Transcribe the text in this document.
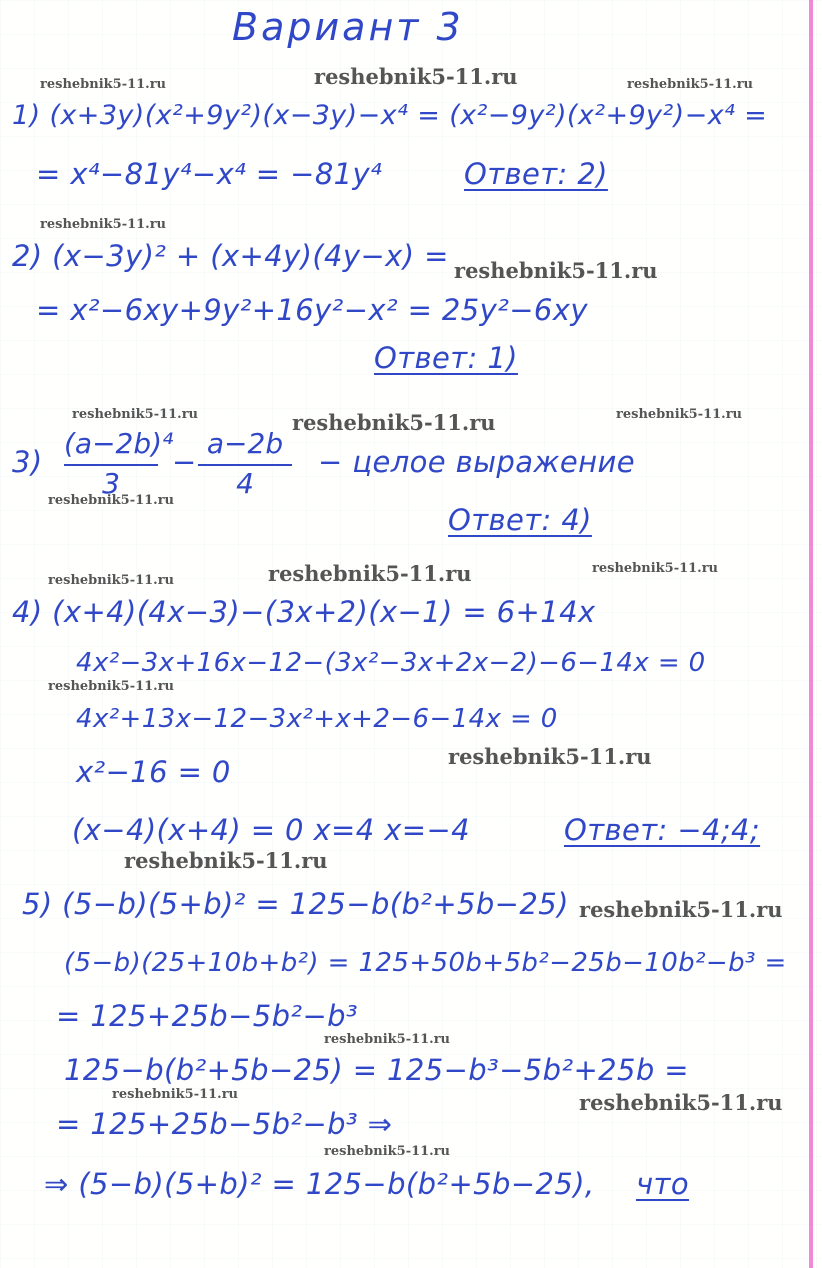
Вариант 3
reshebnik5-11.ru	reshebnik5-11.ru	reshebnik5-11.ru
1) (x+3y)(x²+9y²)(x−3y)−x⁴ = (x²−9y²)(x²+9y²)−x⁴ =
= x⁴−81y⁴−x⁴ = −81y⁴	Ответ: 2)
reshebnik5-11.ru
2) (x−3y)² + (x+4y)(4y−x) = reshebnik5-11.ru
= x²−6xy+9y²+16y²−x² = 25y²−6xy
Ответ: 1)
reshebnik5-11.ru	reshebnik5-11.ru	reshebnik5-11.ru
3)
(a−2b)⁴
3
−
a−2b
4
− целое выражение
reshebnik5-11.ru
Ответ: 4)
reshebnik5-11.ru	reshebnik5-11.ru	reshebnik5-11.ru
4) (x+4)(4x−3)−(3x+2)(x−1) = 6+14x
4x²−3x+16x−12−(3x²−3x+2x−2)−6−14x = 0
reshebnik5-11.ru
4x²+13x−12−3x²+x+2−6−14x = 0
reshebnik5-11.ru
x²−16 = 0
(x−4)(x+4) = 0 x=4 x=−4	Ответ: −4;4;
reshebnik5-11.ru
5) (5−b)(5+b)² = 125−b(b²+5b−25) reshebnik5-11.ru
(5−b)(25+10b+b²) = 125+50b+5b²−25b−10b²−b³ =
= 125+25b−5b²−b³
reshebnik5-11.ru
125−b(b²+5b−25) = 125−b³−5b²+25b =
reshebnik5-11.ru	reshebnik5-11.ru
= 125+25b−5b²−b³ ⇒
reshebnik5-11.ru
⇒ (5−b)(5+b)² = 125−b(b²+5b−25), что
